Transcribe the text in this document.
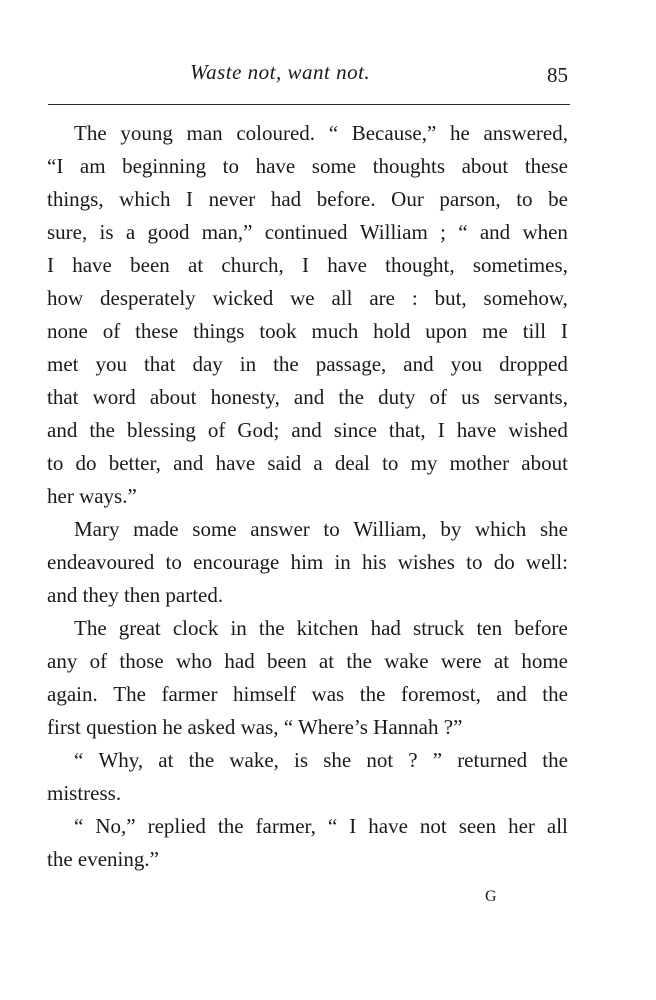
Waste not, want not.	85
The young man coloured. “ Because,” he answered,
“I am beginning to have some thoughts about these
things, which I never had before. Our parson, to be
sure, is a good man,” continued William ; “ and when
I have been at church, I have thought, sometimes,
how desperately wicked we all are : but, somehow,
none of these things took much hold upon me till I
met you that day in the passage, and you dropped
that word about honesty, and the duty of us servants,
and the blessing of God; and since that, I have wished
to do better, and have said a deal to my mother about
her ways.”
Mary made some answer to William, by which she
endeavoured to encourage him in his wishes to do well:
and they then parted.
The great clock in the kitchen had struck ten before
any of those who had been at the wake were at home
again. The farmer himself was the foremost, and the
first question he asked was, “ Where’s Hannah ?”
“ Why, at the wake, is she not ? ” returned the
mistress.
“ No,” replied the farmer, “ I have not seen her all
the evening.”
G
